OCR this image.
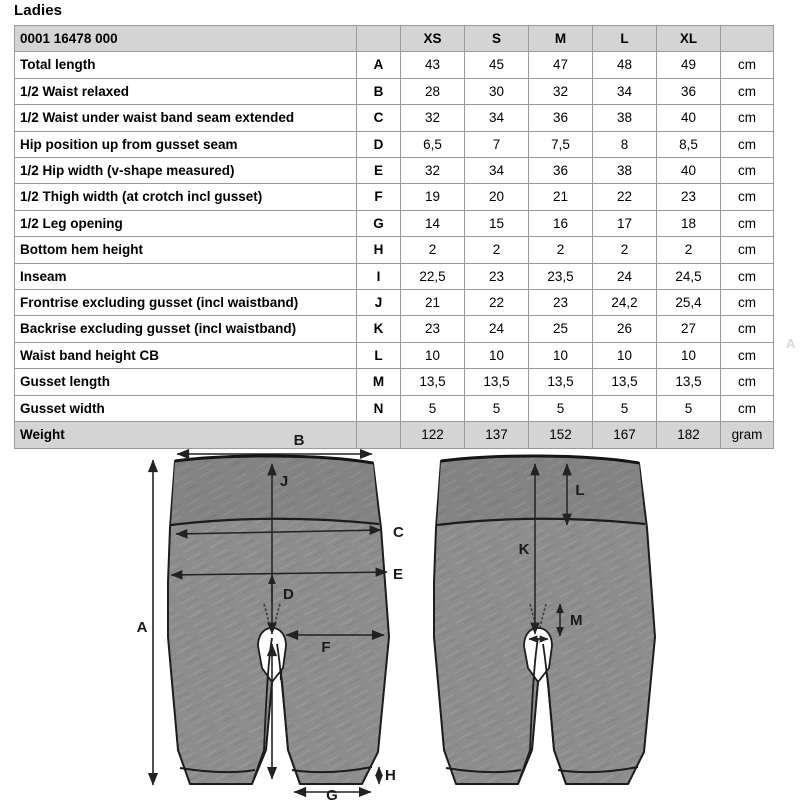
Ladies
0001 16478 000		XS	S	M	L	XL	
Total length	A	43	45	47	48	49	cm
1/2 Waist relaxed	B	28	30	32	34	36	cm
1/2 Waist under waist band seam extended	C	32	34	36	38	40	cm
Hip position up from gusset seam	D	6,5	7	7,5	8	8,5	cm
1/2 Hip width (v-shape measured)	E	32	34	36	38	40	cm
1/2 Thigh width (at crotch incl gusset)	F	19	20	21	22	23	cm
1/2 Leg opening	G	14	15	16	17	18	cm
Bottom hem height	H	2	2	2	2	2	cm
Inseam	I	22,5	23	23,5	24	24,5	cm
Frontrise excluding gusset (incl waistband)	J	21	22	23	24,2	25,4	cm
Backrise excluding gusset (incl waistband)	K	23	24	25	26	27	cm
Waist band height CB	L	10	10	10	10	10	cm
Gusset length	M	13,5	13,5	13,5	13,5	13,5	cm
Gusset width	N	5	5	5	5	5	cm
Weight		122	137	152	167	182	gram
B
A
J
C
E
D
F
I
G
H
K
L
M
A
